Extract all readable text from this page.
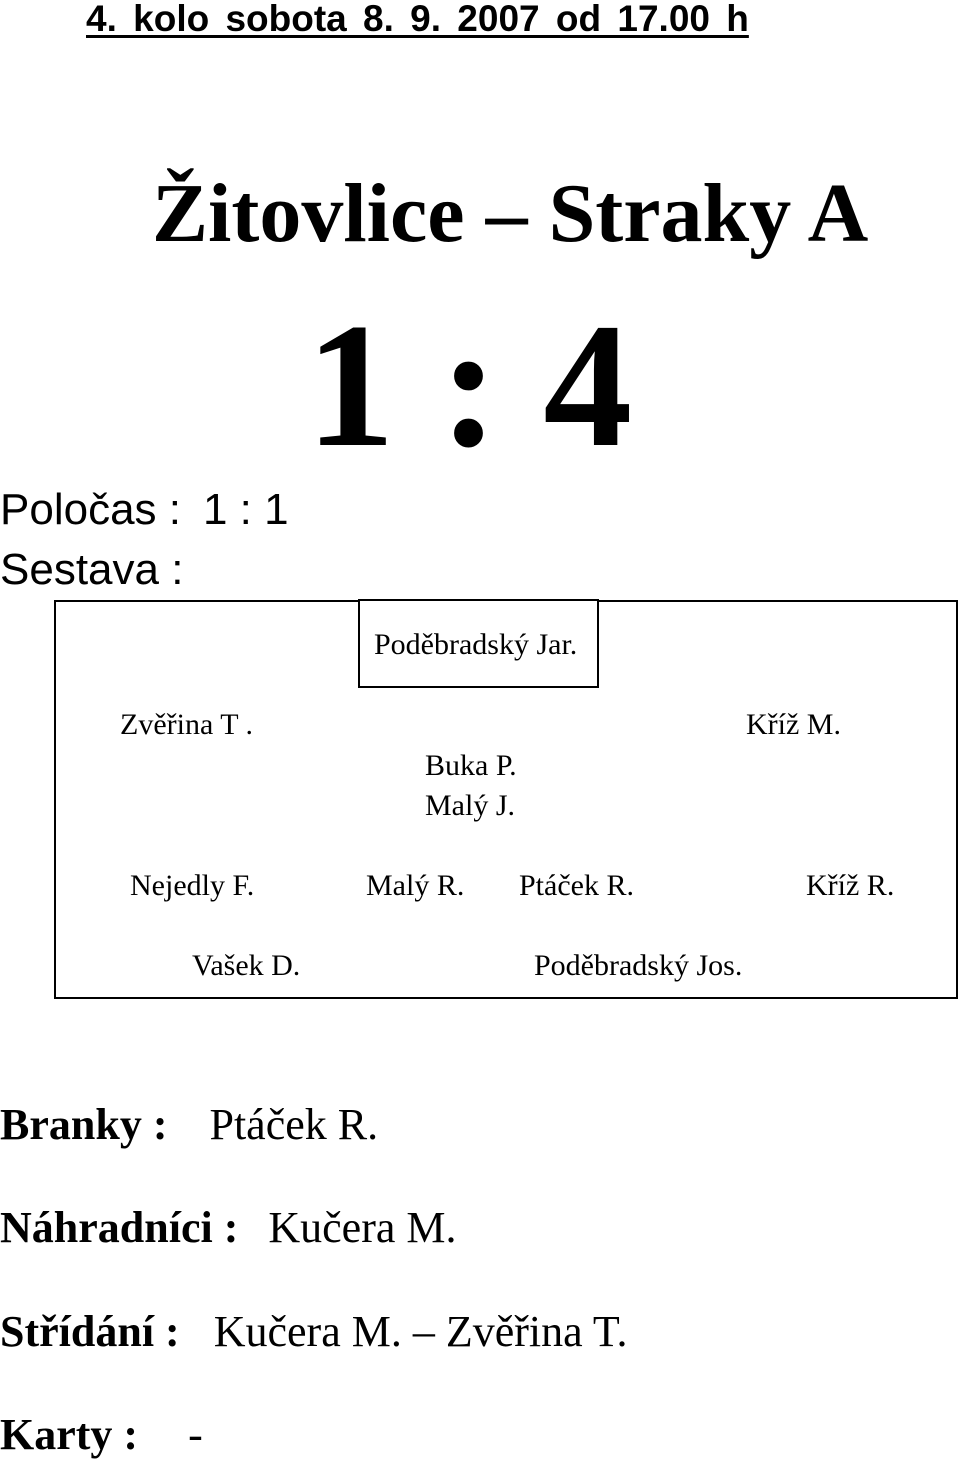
4. kolo sobota 8. 9. 2007 od 17.00 h
Žitovlice – Straky A
1 : 4
Poločas : 1 : 1
Sestava :
Poděbradský Jar.
Zvěřina T .	Kříž M.
Buka P.
Malý J.
Nejedly F.	Malý R. Ptáček R.	Kříž R.
Vašek D.	Poděbradský Jos.
Branky : Ptáček R.
Náhradníci : Kučera M.
Střídání : Kučera M. – Zvěřina T.
Karty : -
